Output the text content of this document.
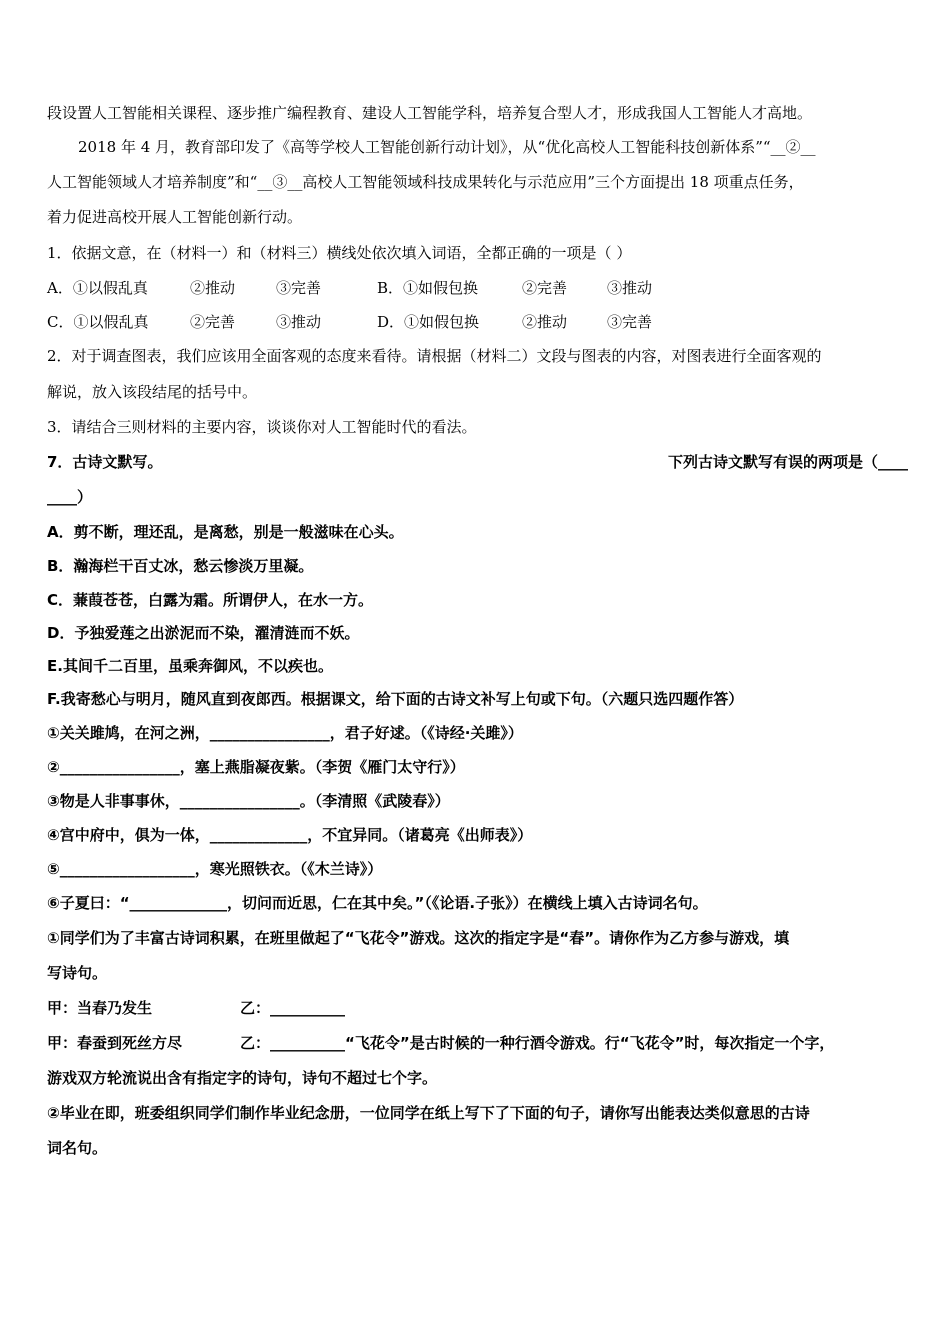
段设置人工智能相关课程、逐步推广编程教育、建设人工智能学科，培养复合型人才，形成我国人工智能人才高地。
2018 年 4 月，教育部印发了《高等学校人工智能创新行动计划》，从“优化高校人工智能科技创新体系”“__②__
人工智能领域人才培养制度”和“__③__高校人工智能领域科技成果转化与示范应用”三个方面提出 18 项重点任务，
着力促进高校开展人工智能创新行动。
1．依据文意，在（材料一）和（材料三）横线处依次填入词语，全都正确的一项是（ ）
A．①以假乱真	②推动	③完善	B．①如假包换	②完善	③推动
C．①以假乱真	②完善	③推动	D．①如假包换	②推动	③完善
2．对于调查图表，我们应该用全面客观的态度来看待。请根据（材料二）文段与图表的内容，对图表进行全面客观的
解说，放入该段结尾的括号中。
3．请结合三则材料的主要内容，谈谈你对人工智能时代的看法。
7．古诗文默写。	下列古诗文默写有误的两项是（____
____）
A．剪不断，理还乱，是离愁，别是一般滋味在心头。
B．瀚海栏干百丈冰，愁云惨淡万里凝。
C．蒹葭苍苍，白露为霜。所谓伊人，在水一方。
D．予独爱莲之出淤泥而不染，濯清涟而不妖。
E.其间千二百里，虽乘奔御风，不以疾也。
F.我寄愁心与明月，随风直到夜郎西。根据课文，给下面的古诗文补写上句或下句。（六题只选四题作答）
①关关雎鸠，在河之洲，________________，君子好逑。（《诗经·关雎》）
②________________，塞上燕脂凝夜紫。（李贺《雁门太守行》）
③物是人非事事休，________________。（李清照《武陵春》）
④宫中府中，俱为一体，_____________，不宜异同。（诸葛亮《出师表》）
⑤__________________，寒光照铁衣。（《木兰诗》）
⑥子夏曰：“_____________，切问而近思，仁在其中矣。”（《论语.子张》）在横线上填入古诗词名句。
①同学们为了丰富古诗词积累，在班里做起了“飞花令”游戏。这次的指定字是“春”。请你作为乙方参与游戏，填
写诗句。
甲：当春乃发生	乙：__________
甲：春蚕到死丝方尽	乙：__________“飞花令”是古时候的一种行酒令游戏。行“飞花令”时，每次指定一个字，
游戏双方轮流说出含有指定字的诗句，诗句不超过七个字。
②毕业在即，班委组织同学们制作毕业纪念册，一位同学在纸上写下了下面的句子，请你写出能表达类似意思的古诗
词名句。
